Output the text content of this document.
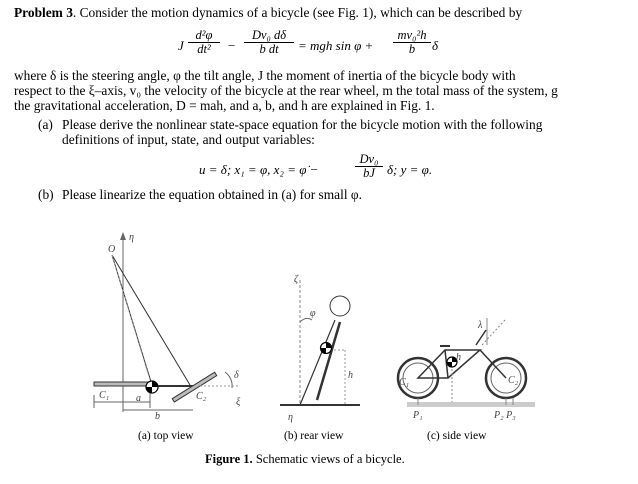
Problem 3. Consider the motion dynamics of a bicycle (see Fig. 1), which can be described by
J $\frac{\text{d²φ}}{\text{dt²}} - \frac{\text{Dv₀ dδ}}{\text{b dt}}$ = mgh $\sin \varphi + \frac{\text{mv₀²h}}{b}$ δ
where δ is the steering angle, φ the tilt angle, J the moment of inertia of the bicycle body with
respect to the ξ–axis, v₀ the velocity of the bicycle at the rear wheel, m the total mass of the system, g
the gravitational acceleration, D = mah, and a, b, and h are explained in Fig. 1.
(a) Please derive the nonlinear state-space equation for the bicycle motion with the following
definitions of input, state, and output variables:
u = δ; x₁ = φ, x₂ = φ̇ −	$\frac{\text{Dv₀}}{bJ} \delta$; y = φ.
(b) Please linearize the equation obtained in (a) for small φ.
O
η
C₁	C₂
a
b
δ
ξ
ζ
φ
h
η
λ
h
C₁	C₂
P₁	P₂ P₃
(a) top view	(b) rear view	(c) side view
Figure 1. Schematic views of a bicycle.
